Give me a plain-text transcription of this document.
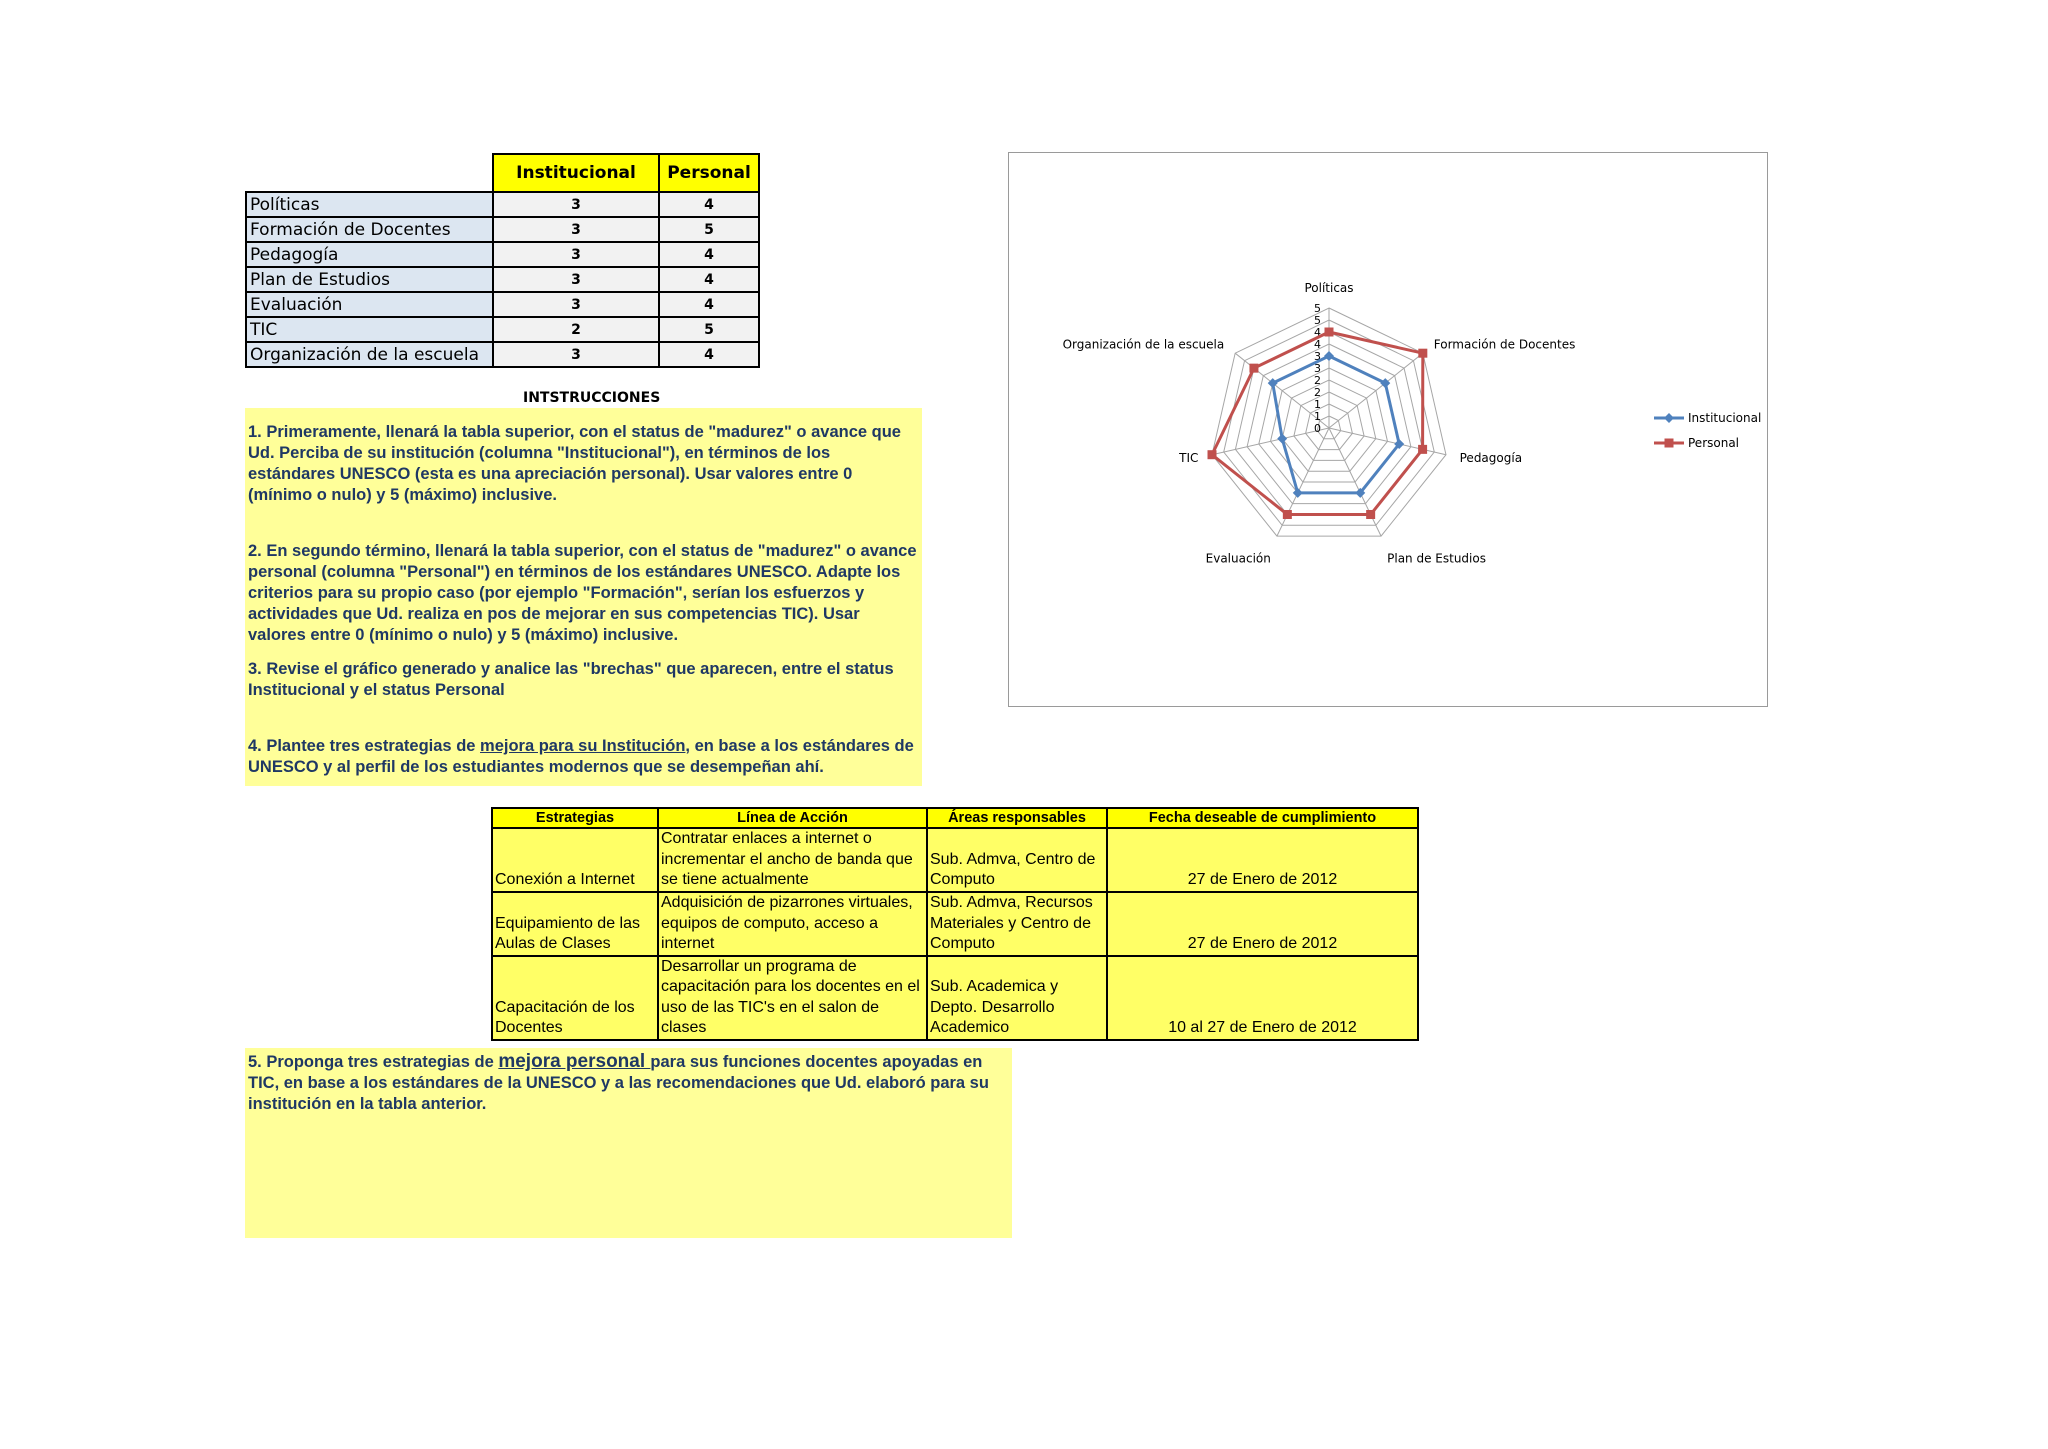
	Institucional	Personal
Políticas	3	4
Formación de Docentes	3	5
Pedagogía	3	4
Plan de Estudios	3	4
Evaluación	3	4
TIC	2	5
Organización de la escuela	3	4
INTSTRUCCIONES

1. Primeramente, llenará la tabla superior, con el status de "madurez" o avance que Ud. Perciba de su institución (columna "Institucional"), en términos de los estándares UNESCO (esta es una apreciación personal). Usar valores entre 0 (mínimo o nulo) y 5 (máximo) inclusive.

2. En segundo término, llenará la tabla superior, con el status de "madurez" o avance personal (columna "Personal") en términos de los estándares UNESCO. Adapte los criterios para su propio caso (por ejemplo "Formación", serían los esfuerzos y actividades que Ud. realiza en pos de mejorar en sus competencias TIC). Usar valores entre 0 (mínimo o nulo) y 5 (máximo) inclusive.

3. Revise el gráfico generado y analice las "brechas" que aparecen, entre el status Institucional y el status Personal

4. Plantee tres estrategias de mejora para su Institución, en base a los estándares de UNESCO y al perfil de los estudiantes modernos que se desempeñan ahí.

Estrategias	Línea de Acción	Áreas responsables	Fecha deseable de cumplimiento
Conexión a Internet	Contratar enlaces a internet o incrementar el ancho de banda que se tiene actualmente	Sub. Admva, Centro de Computo	27 de Enero de 2012
Equipamiento de las Aulas de Clases	Adquisición de pizarrones virtuales, equipos de computo, acceso a internet	Sub. Admva, Recursos Materiales y Centro de Computo	27 de Enero de 2012
Capacitación de los Docentes	Desarrollar un programa de capacitación para los docentes en el uso de las TIC's en el salon de clases	Sub. Academica y Depto. Desarrollo Academico	10 al 27 de Enero de 2012
5. Proponga tres estrategias de mejora personal para sus funciones docentes apoyadas en TIC, en base a los estándares de la UNESCO y a las recomendaciones que Ud. elaboró para su institución en la tabla anterior.
0
1
1
2
2
3
3
4
4
5
5
Políticas
Formación de Docentes
Pedagogía
Plan de Estudios
Evaluación
TIC
Organización de la escuela
Institucional
Personal
